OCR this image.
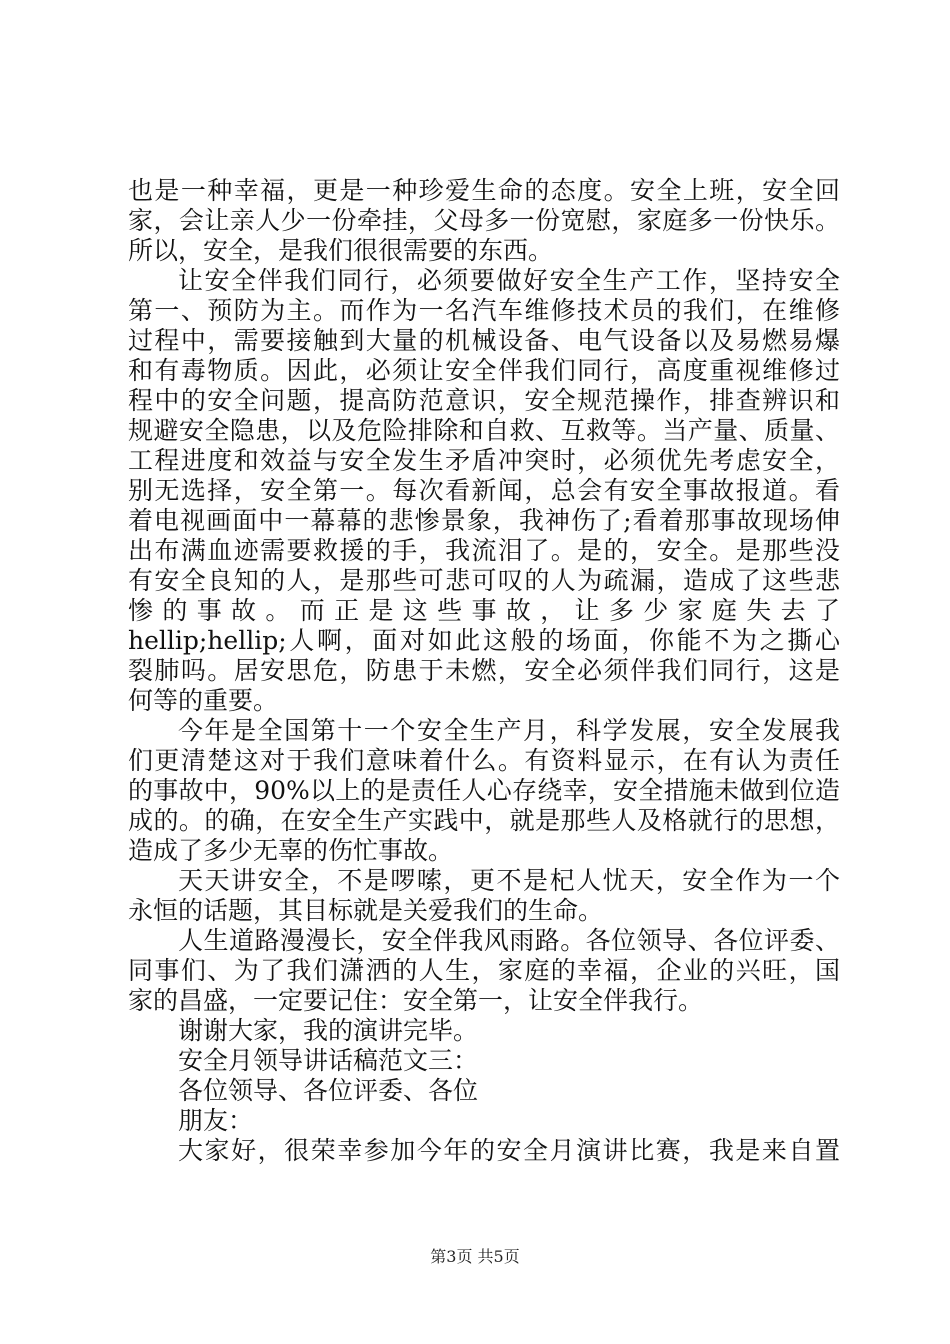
也是一种幸福，更是一种珍爱生命的态度。安全上班，安全回
家，会让亲人少一份牵挂，父母多一份宽慰，家庭多一份快乐。
所以，安全，是我们很很需要的东西。
让安全伴我们同行，必须要做好安全生产工作，坚持安全
第一、预防为主。而作为一名汽车维修技术员的我们，在维修
过程中，需要接触到大量的机械设备、电气设备以及易燃易爆
和有毒物质。因此，必须让安全伴我们同行，高度重视维修过
程中的安全问题，提高防范意识，安全规范操作，排查辨识和
规避安全隐患，以及危险排除和自救、互救等。当产量、质量、
工程进度和效益与安全发生矛盾冲突时，必须优先考虑安全，
别无选择，安全第一。每次看新闻，总会有安全事故报道。看
着电视画面中一幕幕的悲惨景象，我神伤了;看着那事故现场伸
出布满血迹需要救援的手，我流泪了。是的，安全。是那些没
有安全良知的人，是那些可悲可叹的人为疏漏，造成了这些悲
惨 的 事 故 。 而 正 是 这 些 事 故 ， 让 多 少 家 庭 失 去 了
hellip;hellip;人啊，面对如此这般的场面，你能不为之撕心
裂肺吗。居安思危，防患于未燃，安全必须伴我们同行，这是
何等的重要。
今年是全国第十一个安全生产月，科学发展，安全发展我
们更清楚这对于我们意味着什么。有资料显示，在有认为责任
的事故中，90%以上的是责任人心存绕幸，安全措施未做到位造
成的。的确，在安全生产实践中，就是那些人及格就行的思想，
造成了多少无辜的伤忙事故。
天天讲安全，不是啰嗦，更不是杞人忧天，安全作为一个
永恒的话题，其目标就是关爱我们的生命。
人生道路漫漫长，安全伴我风雨路。各位领导、各位评委、
同事们、为了我们潇洒的人生，家庭的幸福，企业的兴旺，国
家的昌盛，一定要记住：安全第一，让安全伴我行。
谢谢大家，我的演讲完毕。
安全月领导讲话稿范文三：
各位领导、各位评委、各位
朋友：
大家好，很荣幸参加今年的安全月演讲比赛，我是来自置
第3页 共5页
